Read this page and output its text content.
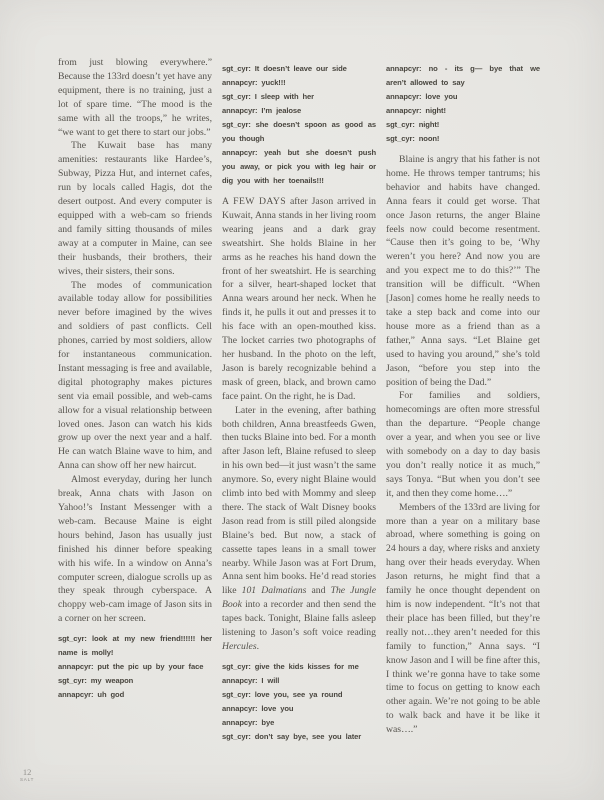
from just blowing everywhere.” Because the 133rd doesn’t yet have any equipment, there is no training, just a lot of spare time. “The mood is the same with all the troops,” he writes, “we want to get there to start our jobs.”

The Kuwait base has many amenities: restaurants like Hardee’s, Subway, Pizza Hut, and internet cafes, run by locals called Hagis, dot the desert outpost. And every computer is equipped with a web-cam so friends and family sitting thousands of miles away at a computer in Maine, can see their husbands, their brothers, their wives, their sisters, their sons.

The modes of communication available today allow for possibilities never before imagined by the wives and soldiers of past conflicts. Cell phones, carried by most soldiers, allow for instantaneous communication. Instant messaging is free and available, digital photography makes pictures sent via email possible, and web-cams allow for a visual relationship between loved ones. Jason can watch his kids grow up over the next year and a half. He can watch Blaine wave to him, and Anna can show off her new haircut.

Almost everyday, during her lunch break, Anna chats with Jason on Yahoo!’s Instant Messenger with a web-cam. Because Maine is eight hours behind, Jason has usually just finished his dinner before speaking with his wife. In a window on Anna’s computer screen, dialogue scrolls up as they speak through cyberspace. A choppy web-cam image of Jason sits in a corner on her screen.

sgt_cyr: look at my new friend!!!!!! her name is molly!
annapcyr: put the pic up by your face
sgt_cyr: my weapon
annapcyr: uh god
sgt_cyr: It doesn’t leave our side
annapcyr: yuck!!!
sgt_cyr: I sleep with her
annapcyr: I’m jealose
sgt_cyr: she doesn’t spoon as good as you though
annapcyr: yeah but she doesn’t push you away, or pick you with leg hair or dig you with her toenails!!!

A FEW DAYS after Jason arrived in Kuwait, Anna stands in her living room wearing jeans and a dark gray sweatshirt. She holds Blaine in her arms as he reaches his hand down the front of her sweatshirt. He is searching for a silver, heart-shaped locket that Anna wears around her neck. When he finds it, he pulls it out and presses it to his face with an open-mouthed kiss. The locket carries two photographs of her husband. In the photo on the left, Jason is barely recognizable behind a mask of green, black, and brown camo face paint. On the right, he is Dad.

Later in the evening, after bathing both children, Anna breastfeeds Gwen, then tucks Blaine into bed. For a month after Jason left, Blaine refused to sleep in his own bed—it just wasn’t the same anymore. So, every night Blaine would climb into bed with Mommy and sleep there. The stack of Walt Disney books Jason read from is still piled alongside Blaine’s bed. But now, a stack of cassette tapes leans in a small tower nearby. While Jason was at Fort Drum, Anna sent him books. He’d read stories like 101 Dalmatians and The Jungle Book into a recorder and then send the tapes back. Tonight, Blaine falls asleep listening to Jason’s soft voice reading Hercules.

sgt_cyr: give the kids kisses for me
annapcyr: I will
sgt_cyr: love you, see ya round
annapcyr: love you
annapcyr: bye
sgt_cyr: don’t say bye, see you later
annapcyr: no - its g— bye that we aren’t allowed to say
annapcyr: love you
annapcyr: night!
sgt_cyr: night!
sgt_cyr: noon!

Blaine is angry that his father is not home. He throws temper tantrums; his behavior and habits have changed. Anna fears it could get worse. That once Jason returns, the anger Blaine feels now could become resentment. “Cause then it’s going to be, ‘Why weren’t you here? And now you are and you expect me to do this?’” The transition will be difficult. “When [Jason] comes home he really needs to take a step back and come into our house more as a friend than as a father,” Anna says. “Let Blaine get used to having you around,” she’s told Jason, “before you step into the position of being the Dad.”

For families and soldiers, homecomings are often more stressful than the departure. “People change over a year, and when you see or live with somebody on a day to day basis you don’t really notice it as much,” says Tonya. “But when you don’t see it, and then they come home….”

Members of the 133rd are living for more than a year on a military base abroad, where something is going on 24 hours a day, where risks and anxiety hang over their heads everyday. When Jason returns, he might find that a family he once thought dependent on him is now independent. “It’s not that their place has been filled, but they’re really not…they aren’t needed for this family to function,” Anna says. “I know Jason and I will be fine after this, I think we’re gonna have to take some time to focus on getting to know each other again. We’re not going to be able to walk back and have it be like it was….”

12
SALT
